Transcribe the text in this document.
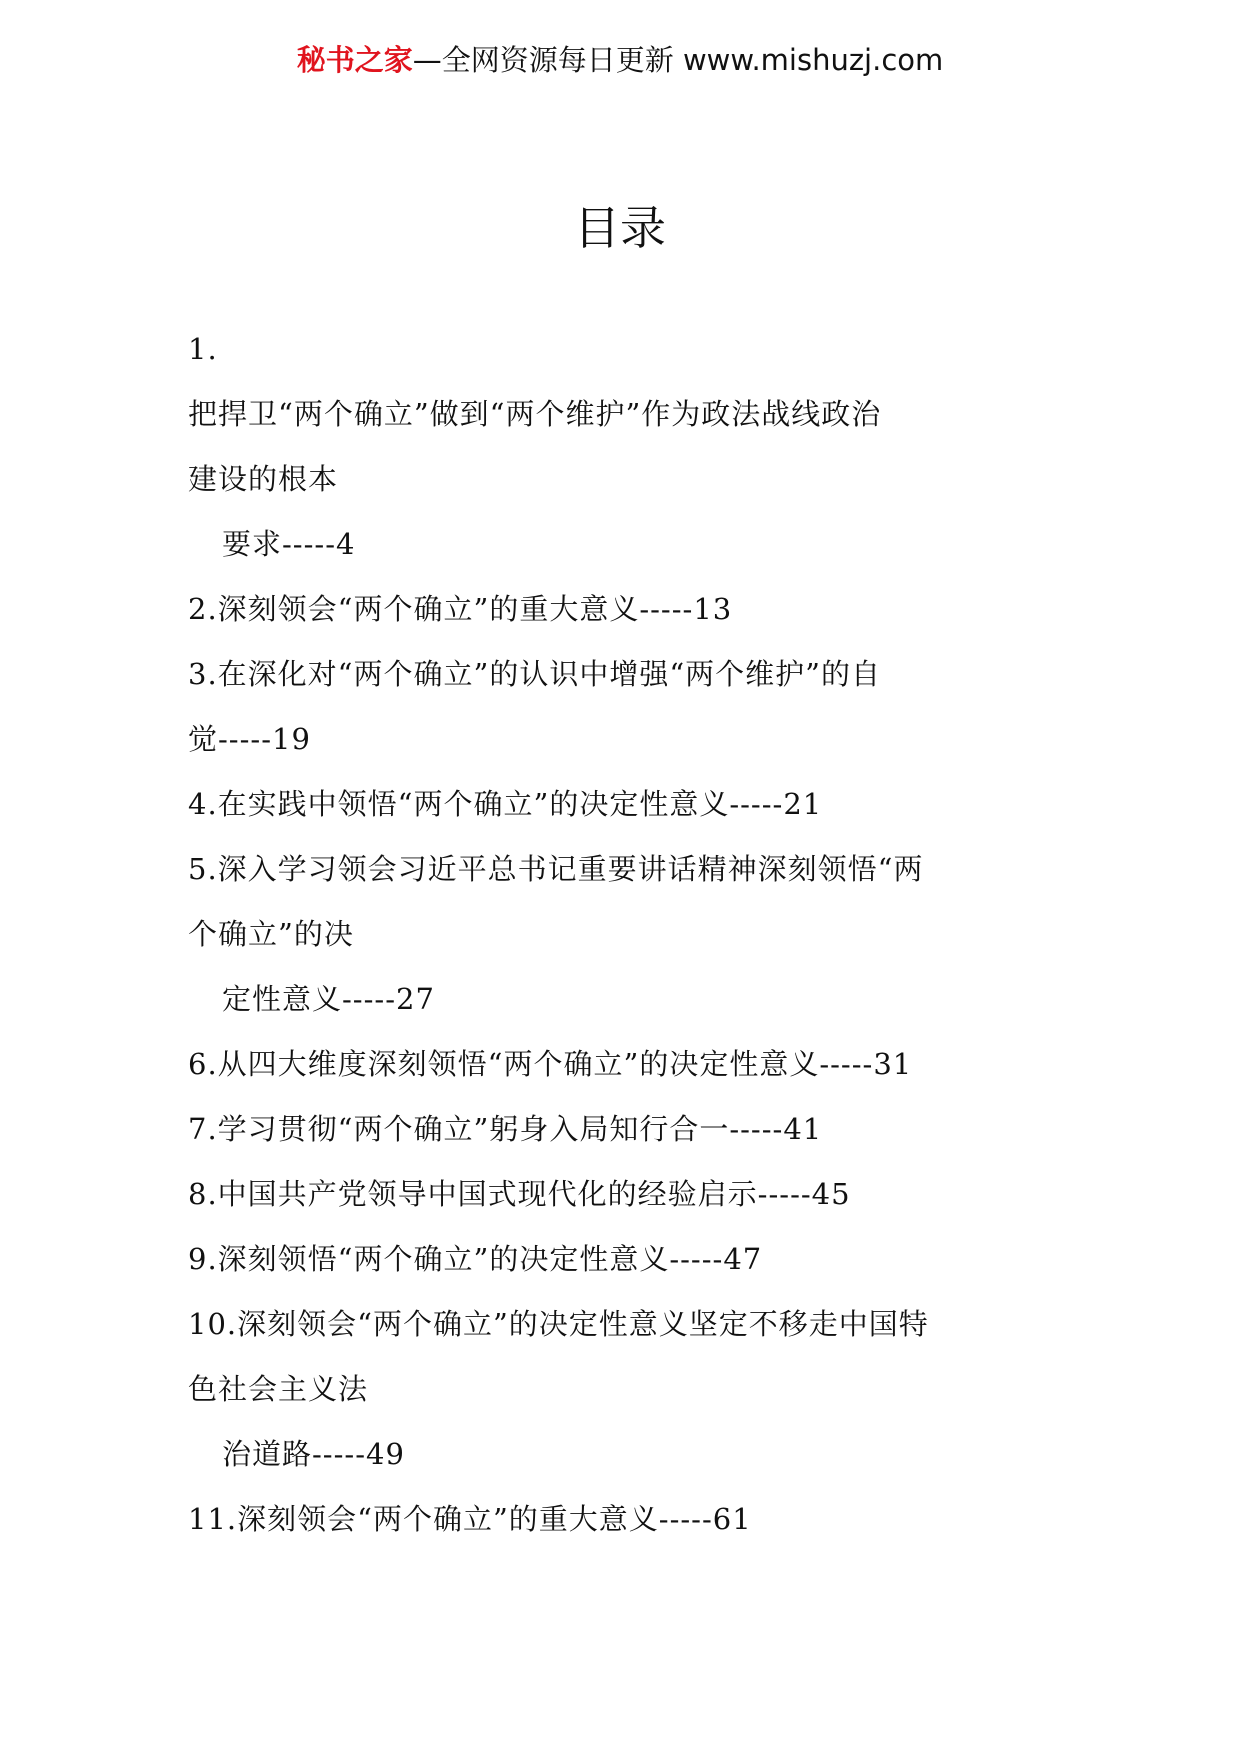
秘书之家—全网资源每日更新 www.mishuzj.com
目录
1.
把捍卫“两个确立”做到“两个维护”作为政法战线政治
建设的根本
要求-----4
2.深刻领会“两个确立”的重大意义-----13
3.在深化对“两个确立”的认识中增强“两个维护”的自
觉-----19
4.在实践中领悟“两个确立”的决定性意义-----21
5.深入学习领会习近平总书记重要讲话精神深刻领悟“两
个确立”的决
定性意义-----27
6.从四大维度深刻领悟“两个确立”的决定性意义-----31
7.学习贯彻“两个确立”躬身入局知行合一-----41
8.中国共产党领导中国式现代化的经验启示-----45
9.深刻领悟“两个确立”的决定性意义-----47
10.深刻领会“两个确立”的决定性意义坚定不移走中国特
色社会主义法
治道路-----49
11.深刻领会“两个确立”的重大意义-----61
